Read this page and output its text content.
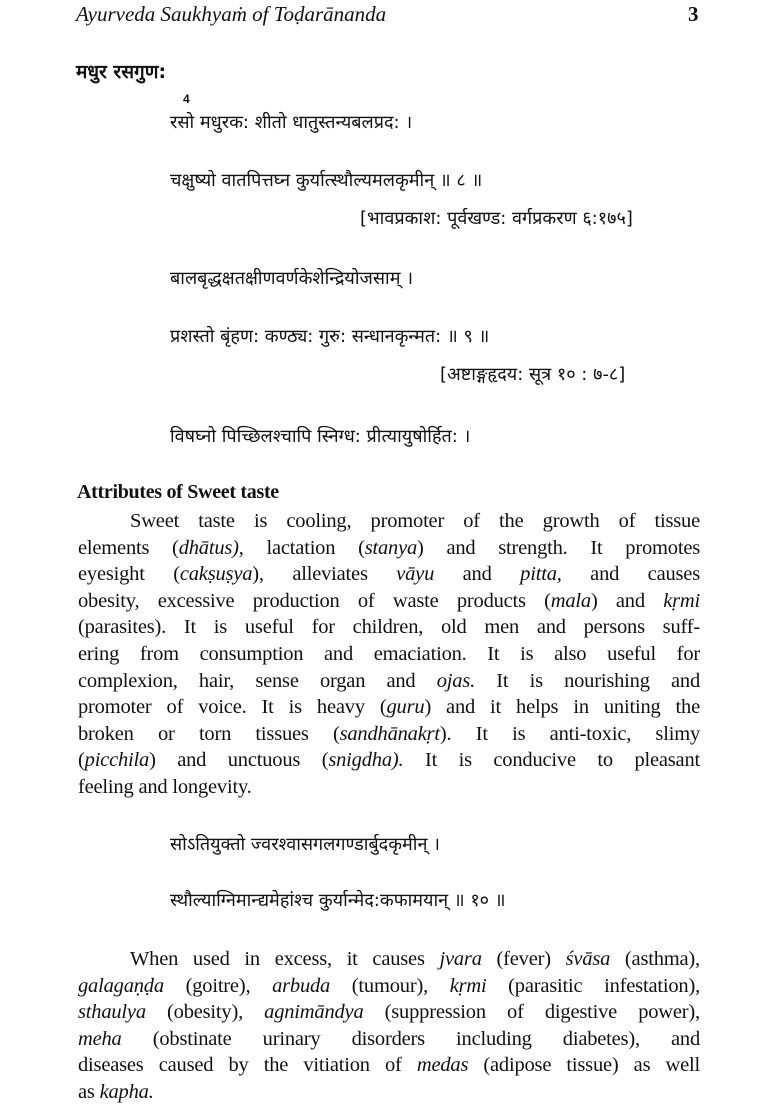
Ayurveda Saukhyaṁ of Toḍarānanda	3
मधुर रसगुण:
4
रसो मधुरक: शीतो धातुस्तन्यबलप्रद: ।
चक्षुष्यो वातपित्तघ्न कुर्यात्स्थौल्यमलकृमीन् ॥ ८ ॥
[भावप्रकाश: पूर्वखण्ड: वर्गप्रकरण ६:१७५]
बालबृद्धक्षतक्षीणवर्णकेशेन्द्रियोजसाम् ।
प्रशस्तो बृंहण: कण्ठ्य: गुरु: सन्धानकृन्मत: ॥ ९ ॥
[अष्टाङ्गहृदय: सूत्र १० : ७-८]
विषघ्नो पिच्छिलश्चापि स्निग्ध: प्रीत्यायुषोर्हित: ।
Attributes of Sweet taste
Sweet taste is cooling, promoter of the growth of tissue
elements (dhātus), lactation (stanya) and strength. It promotes
eyesight (cakṣuṣya), alleviates vāyu and pitta, and causes
obesity, excessive production of waste products (mala) and kṛmi
(parasites). It is useful for children, old men and persons suff-
ering from consumption and emaciation. It is also useful for
complexion, hair, sense organ and ojas. It is nourishing and
promoter of voice. It is heavy (guru) and it helps in uniting the
broken or torn tissues (sandhānakṛt). It is anti-toxic, slimy
(picchila) and unctuous (snigdha). It is conducive to pleasant
feeling and longevity.
सोऽतियुक्तो ज्वरश्वासगलगण्डार्बुदकृमीन् ।
स्थौल्याग्निमान्द्यमेहांश्च कुर्यान्मेद:कफामयान् ॥ १० ॥
When used in excess, it causes jvara (fever) śvāsa (asthma),
galagaṇḍa (goitre), arbuda (tumour), kṛmi (parasitic infestation),
sthaulya (obesity), agnimāndya (suppression of digestive power),
meha (obstinate urinary disorders including diabetes), and
diseases caused by the vitiation of medas (adipose tissue) as well
as kapha.
